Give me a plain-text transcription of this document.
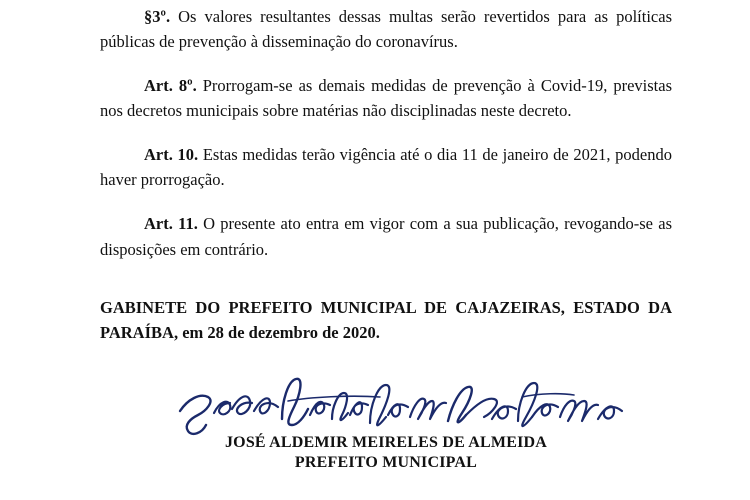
§3º. Os valores resultantes dessas multas serão revertidos para as políticas públicas de prevenção à disseminação do coronavírus.

Art. 8º. Prorrogam-se as demais medidas de prevenção à Covid-19, previstas nos decretos municipais sobre matérias não disciplinadas neste decreto.

Art. 10. Estas medidas terão vigência até o dia 11 de janeiro de 2021, podendo haver prorrogação.

Art. 11. O presente ato entra em vigor com a sua publicação, revogando-se as disposições em contrário.

GABINETE DO PREFEITO MUNICIPAL DE CAJAZEIRAS, ESTADO DA PARAÍBA, em 28 de dezembro de 2020.

JOSÉ ALDEMIR MEIRELES DE ALMEIDA
PREFEITO MUNICIPAL
